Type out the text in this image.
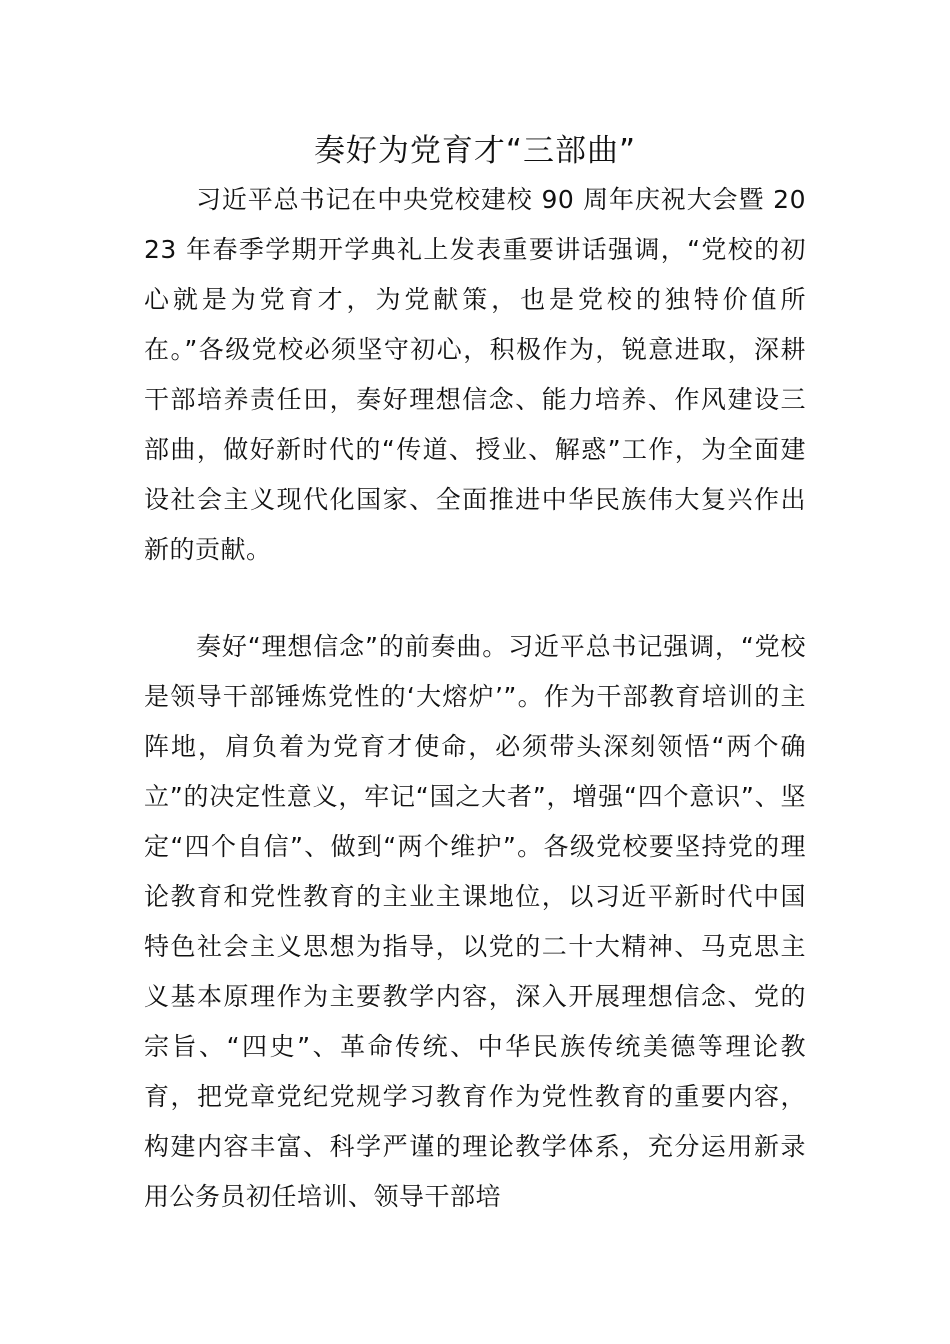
奏好为党育才“三部曲”

习近平总书记在中央党校建校 90 周年庆祝大会暨 2023 年春季学期开学典礼上发表重要讲话强调，“党校的初心就是为党育才，为党献策，也是党校的独特价值所在。”各级党校必须坚守初心，积极作为，锐意进取，深耕干部培养责任田，奏好理想信念、能力培养、作风建设三部曲，做好新时代的“传道、授业、解惑”工作，为全面建设社会主义现代化国家、全面推进中华民族伟大复兴作出新的贡献。

奏好“理想信念”的前奏曲。习近平总书记强调，“党校是领导干部锤炼党性的‘大熔炉’”。作为干部教育培训的主阵地，肩负着为党育才使命，必须带头深刻领悟“两个确立”的决定性意义，牢记“国之大者”，增强“四个意识”、坚定“四个自信”、做到“两个维护”。各级党校要坚持党的理论教育和党性教育的主业主课地位，以习近平新时代中国特色社会主义思想为指导，以党的二十大精神、马克思主义基本原理作为主要教学内容，深入开展理想信念、党的宗旨、“四史”、革命传统、中华民族传统美德等理论教育，把党章党纪党规学习教育作为党性教育的重要内容，构建内容丰富、科学严谨的理论教学体系，充分运用新录用公务员初任培训、领导干部培
